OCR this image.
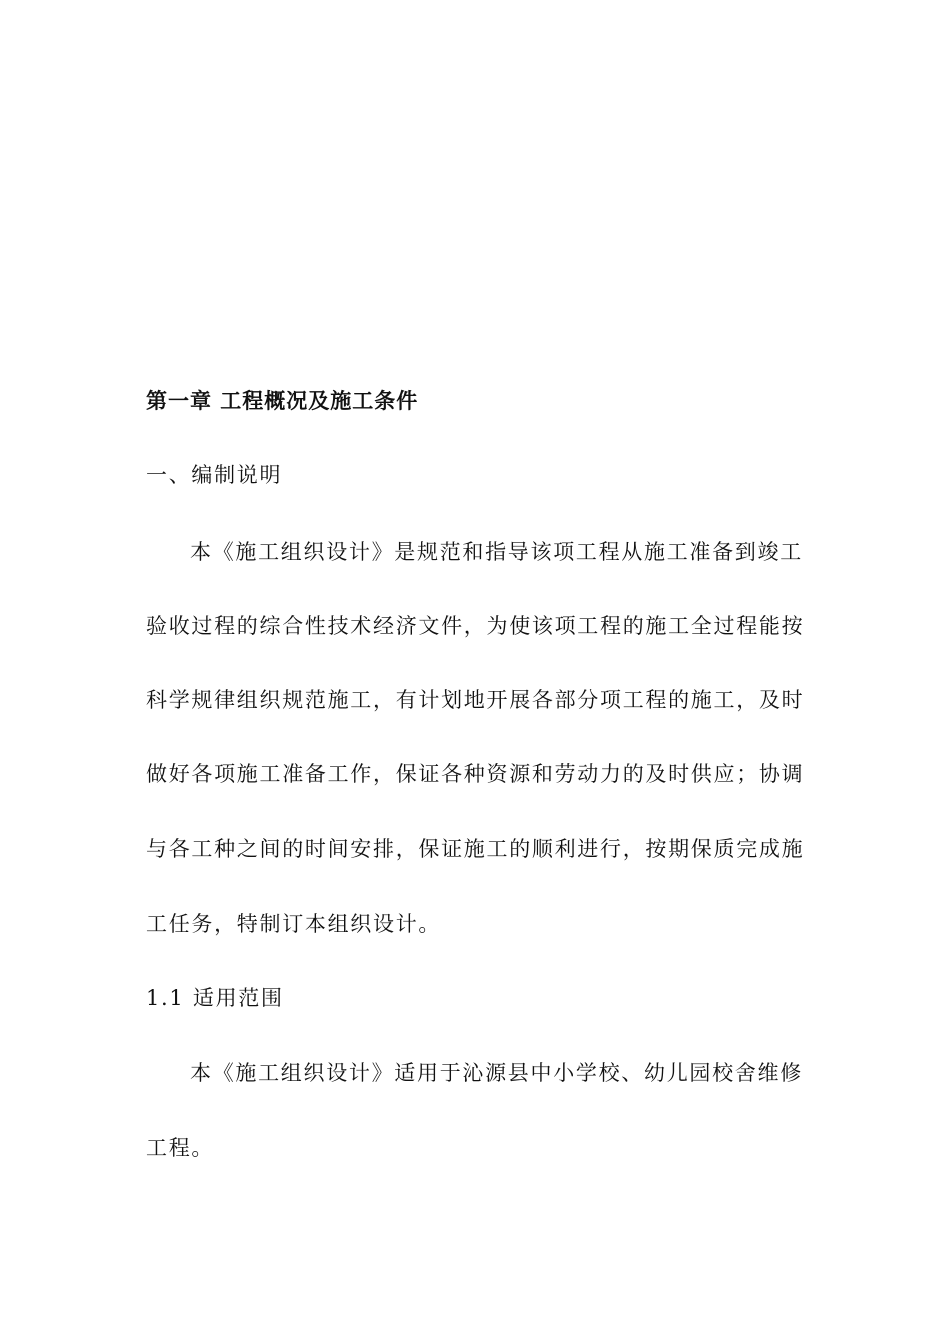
第一章 工程概况及施工条件
一、编制说明
本《施工组织设计》是规范和指导该项工程从施工准备到竣工
验收过程的综合性技术经济文件，为使该项工程的施工全过程能按
科学规律组织规范施工，有计划地开展各部分项工程的施工，及时
做好各项施工准备工作，保证各种资源和劳动力的及时供应；协调
与各工种之间的时间安排，保证施工的顺利进行，按期保质完成施
工任务，特制订本组织设计。
1.1 适用范围
本《施工组织设计》适用于沁源县中小学校、幼儿园校舍维修
工程。
